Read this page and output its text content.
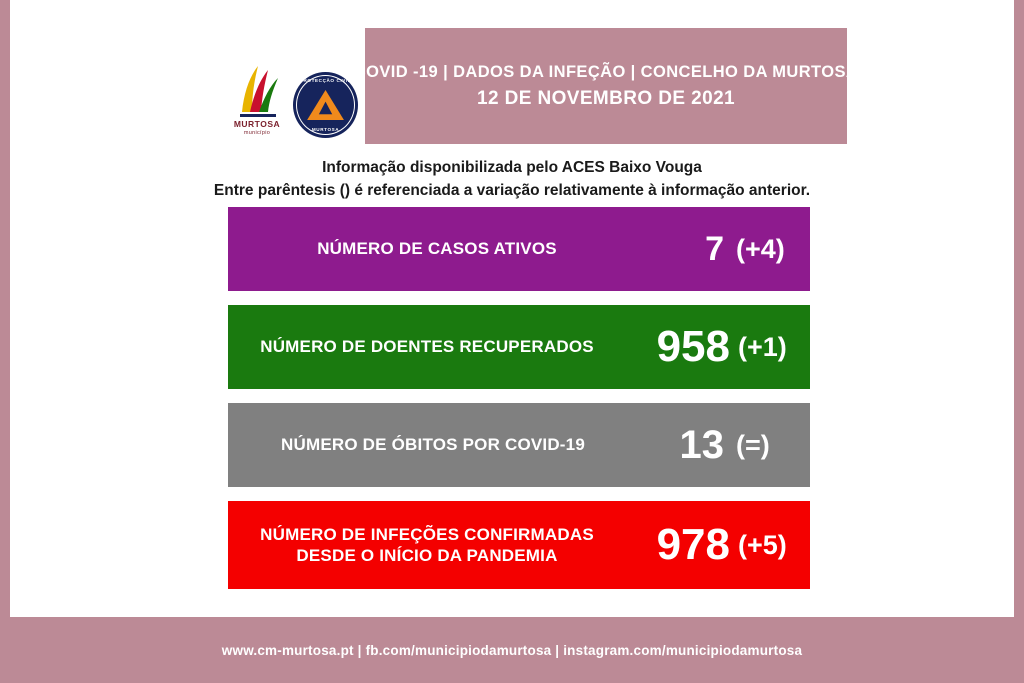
COVID -19 | DADOS DA INFEÇÃO | CONCELHO DA MURTOSA
12 DE NOVEMBRO DE 2021
MURTOSA
município
PROTECÇÃO CIVIL
MURTOSA
Informação disponibilizada pelo ACES Baixo Vouga
Entre parêntesis () é referenciada a variação relativamente à informação anterior.
NÚMERO DE CASOS ATIVOS	7 (+4)
NÚMERO DE DOENTES RECUPERADOS	958 (+1)
NÚMERO DE ÓBITOS POR COVID-19	13 (=)
NÚMERO DE INFEÇÕES CONFIRMADAS
DESDE O INÍCIO DA PANDEMIA	978 (+5)
www.cm-murtosa.pt | fb.com/municipiodamurtosa | instagram.com/municipiodamurtosa
